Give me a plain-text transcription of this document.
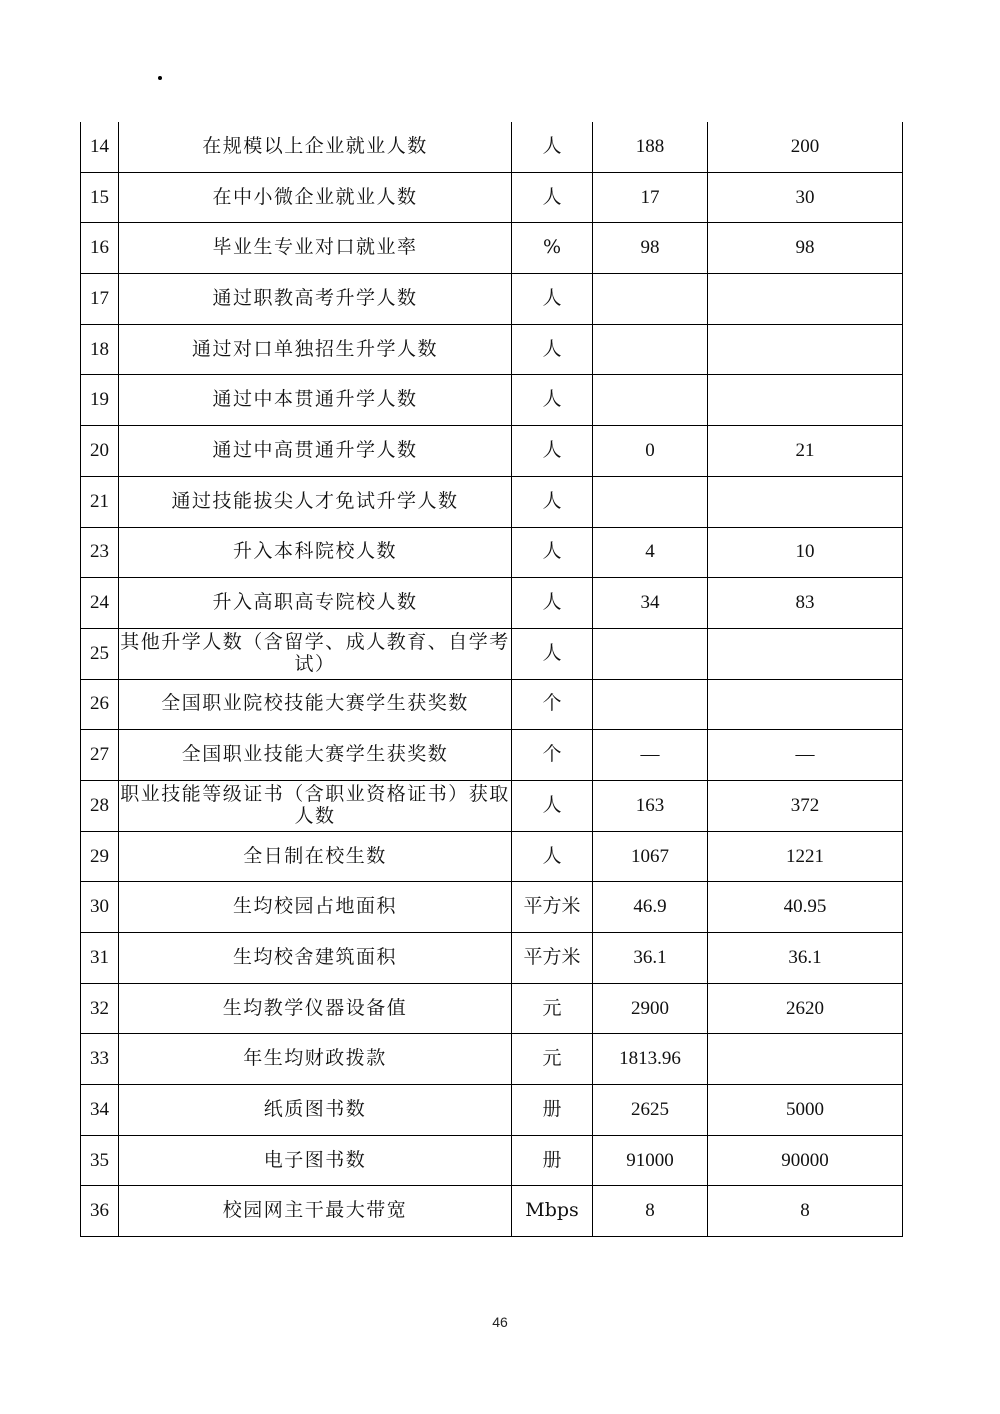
14	在规模以上企业就业人数	人	188	200
15	在中小微企业就业人数	人	17	30
16	毕业生专业对口就业率	%	98	98
17	通过职教高考升学人数	人		
18	通过对口单独招生升学人数	人		
19	通过中本贯通升学人数	人		
20	通过中高贯通升学人数	人	0	21
21	通过技能拔尖人才免试升学人数	人		
23	升入本科院校人数	人	4	10
24	升入高职高专院校人数	人	34	83
25	其他升学人数（含留学、成人教育、自学考试）	人		
26	全国职业院校技能大赛学生获奖数	个		
27	全国职业技能大赛学生获奖数	个	—	—
28	职业技能等级证书（含职业资格证书）获取人数	人	163	372
29	全日制在校生数	人	1067	1221
30	生均校园占地面积	平方米	46.9	40.95
31	生均校舍建筑面积	平方米	36.1	36.1
32	生均教学仪器设备值	元	2900	2620
33	年生均财政拨款	元	1813.96	
34	纸质图书数	册	2625	5000
35	电子图书数	册	91000	90000
36	校园网主干最大带宽	Mbps	8	8
46
